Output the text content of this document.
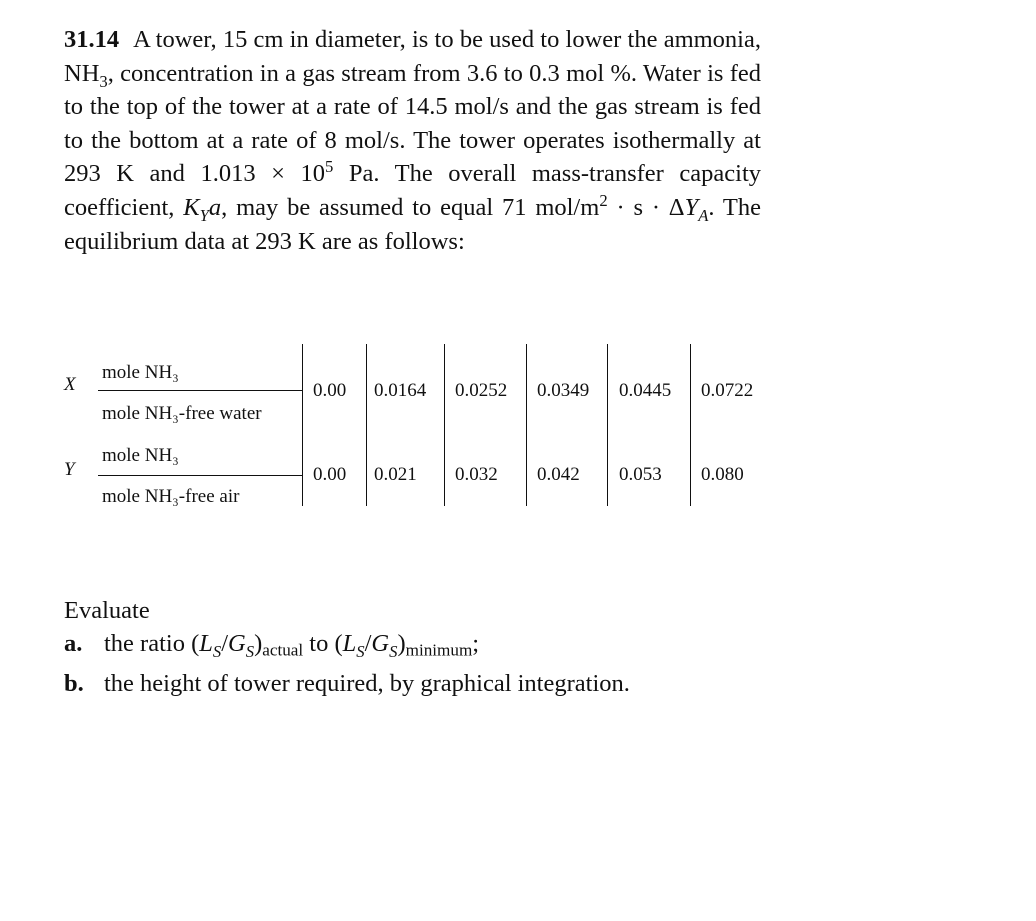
31.14 A tower, 15 cm in diameter, is to be used to lower the ammonia, $NH_3$, concentration in a gas stream from 3.6 to 0.3 mol %. Water is fed to the top of the tower at a rate of 14.5 mol/s and the gas stream is fed to the bottom at a rate of 8 mol/s. The tower operates isothermally at 293 K and $1.013 \times 10^5$ Pa. The overall mass-transfer capacity coefficient, $K_Ya$, may be assumed to equal 71 mol/$m^2 \cdot s \cdot \Delta Y_A$. The equilibrium data at 293 K are as follows:
X
mole NH₃
mole NH₃-free water
0.00 0.0164 0.0252 0.0349 0.0445 0.0722
Y
mole NH₃
mole NH₃-free air
0.00 0.021 0.032 0.042 0.053 0.080
Evaluate
a. the ratio $(L_S/G_S)actual$ to $(L_S/G_S)minimum$;
b. the height of tower required, by graphical integration.
